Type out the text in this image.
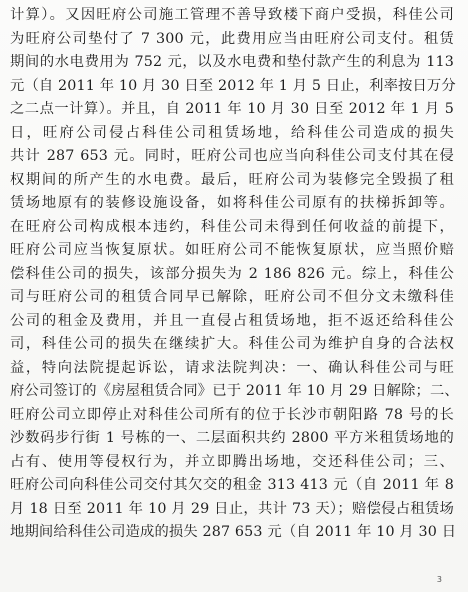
计算）。又因旺府公司施工管理不善导致楼下商户受损，科佳公司
为旺府公司垫付了 7 300 元，此费用应当由旺府公司支付。租赁
期间的水电费用为 752 元，以及水电费和垫付款产生的利息为 113
元（自 2011 年 10 月 30 日至 2012 年 1 月 5 日止，利率按日万分
之二点一计算）。并且，自 2011 年 10 月 30 日至 2012 年 1 月 5
日，旺府公司侵占科佳公司租赁场地，给科佳公司造成的损失
共计 287 653 元。同时，旺府公司也应当向科佳公司支付其在侵
权期间的所产生的水电费。最后，旺府公司为装修完全毁损了租
赁场地原有的装修设施设备，如将科佳公司原有的扶梯拆卸等。
在旺府公司构成根本违约，科佳公司未得到任何收益的前提下，
旺府公司应当恢复原状。如旺府公司不能恢复原状，应当照价赔
偿科佳公司的损失，该部分损失为 2 186 826 元。综上，科佳公
司与旺府公司的租赁合同早已解除，旺府公司不但分文未缴科佳
公司的租金及费用，并且一直侵占租赁场地，拒不返还给科佳公
司，科佳公司的损失在继续扩大。科佳公司为维护自身的合法权
益，特向法院提起诉讼，请求法院判决：一、确认科佳公司与旺
府公司签订的《房屋租赁合同》已于 2011 年 10 月 29 日解除；二、
旺府公司立即停止对科佳公司所有的位于长沙市朝阳路 78 号的长
沙数码步行街 1 号栋的一、二层面积共约 2800 平方米租赁场地的
占有、使用等侵权行为，并立即腾出场地，交还科佳公司；三、
旺府公司向科佳公司交付其欠交的租金 313 413 元（自 2011 年 8
月 18 日至 2011 年 10 月 29 日止，共计 73 天）；赔偿侵占租赁场
地期间给科佳公司造成的损失 287 653 元（自 2011 年 10 月 30 日
3
